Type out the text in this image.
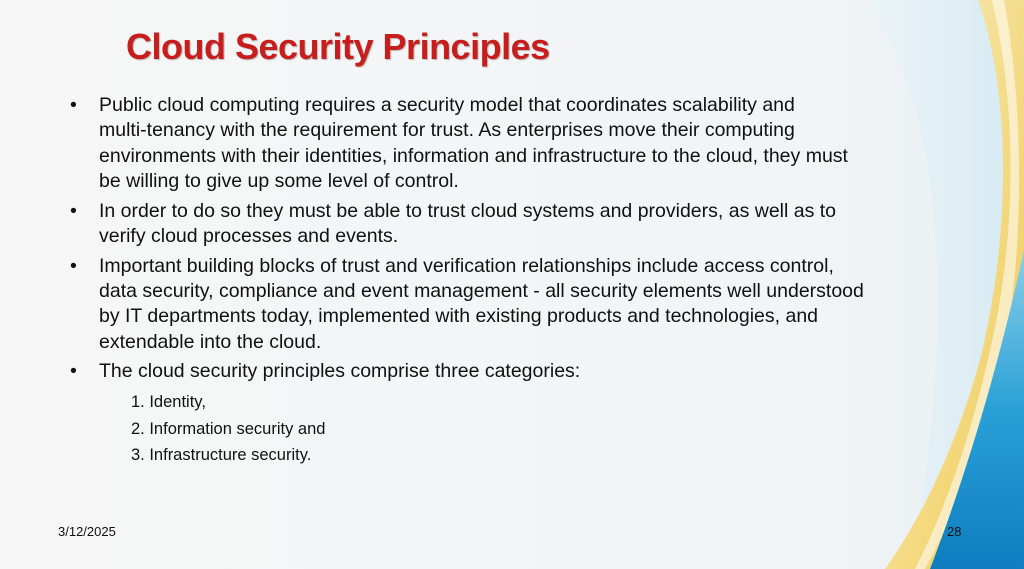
Cloud Security Principles
• Public cloud computing requires a security model that coordinates scalability and
multi-tenancy with the requirement for trust. As enterprises move their computing
environments with their identities, information and infrastructure to the cloud, they must
be willing to give up some level of control.
• In order to do so they must be able to trust cloud systems and providers, as well as to
verify cloud processes and events.
• Important building blocks of trust and verification relationships include access control,
data security, compliance and event management - all security elements well understood
by IT departments today, implemented with existing products and technologies, and
extendable into the cloud.
• The cloud security principles comprise three categories:
1. Identity,
2. Information security and
3. Infrastructure security.
3/12/2025	28
